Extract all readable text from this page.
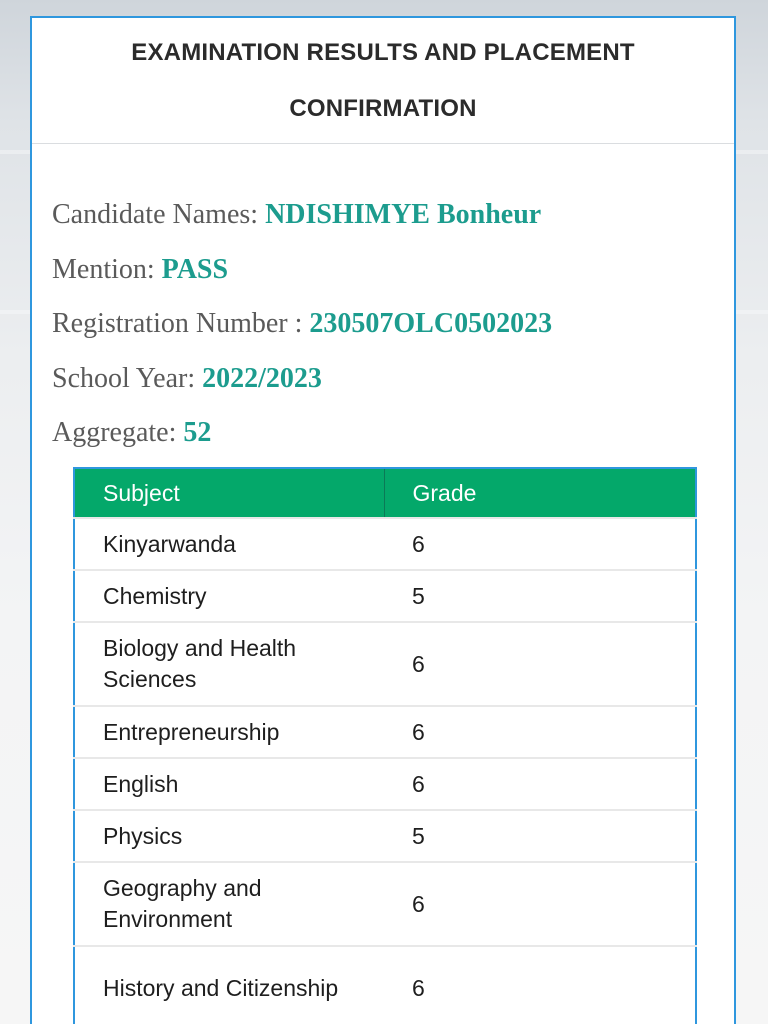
EXAMINATION RESULTS AND PLACEMENT CONFIRMATION
Candidate Names: NDISHIMYE Bonheur
Mention: PASS
Registration Number : 230507OLC0502023
School Year: 2022/2023
Aggregate: 52
Subject	Grade
Kinyarwanda	6
Chemistry	5
Biology and Health Sciences	6
Entrepreneurship	6
English	6
Physics	5
Geography and Environment	6
History and Citizenship	6
